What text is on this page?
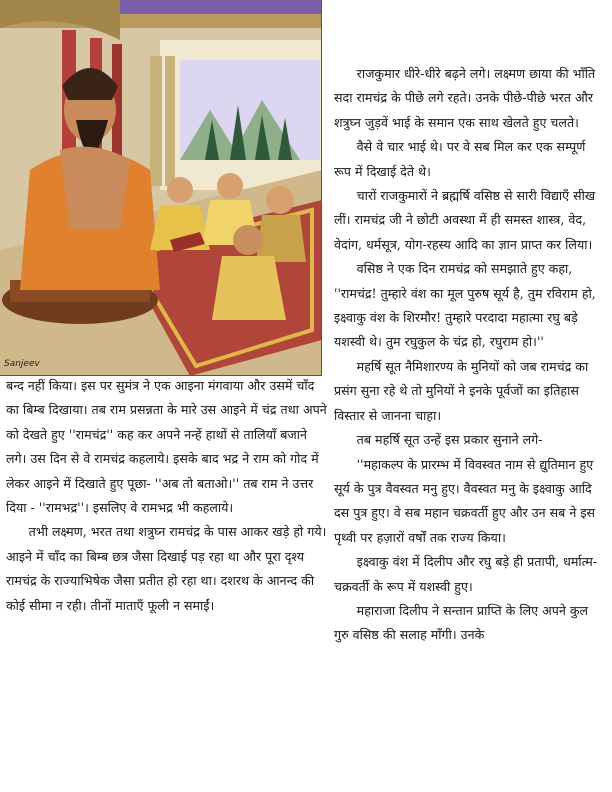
Sanjeev

राजकुमार धीरे-धीरे बढ़ने लगे। लक्ष्मण छाया की भाँति सदा रामचंद्र के पीछे लगे रहते। उनके पीछे-पीछे भरत और शत्रुघ्न जुड़वें भाई के समान एक साथ खेलते हुए चलते।

वैसे वे चार भाई थे। पर वे सब मिल कर एक सम्पूर्ण रूप में दिखाई देते थे।

चारों राजकुमारों ने ब्रह्मर्षि वसिष्ठ से सारी विद्याएँ सीख लीं। रामचंद्र जी ने छोटी अवस्था में ही समस्त शास्त्र, वेद, वेदांग, धर्मसूत्र, योग-रहस्य आदि का ज्ञान प्राप्त कर लिया।

वसिष्ठ ने एक दिन रामचंद्र को समझाते हुए कहा, ''रामचंद्र! तुम्हारे वंश का मूल पुरुष सूर्य है, तुम रविराम हो, इक्ष्वाकु वंश के शिरमौर! तुम्हारे परदादा महात्मा रघु बड़े यशस्वी थे। तुम रघुकुल के चंद्र हो, रघुराम हो।''

महर्षि सूत नैमिशारण्य के मुनियों को जब रामचंद्र का प्रसंग सुना रहे थे तो मुनियों ने इनके पूर्वजों का इतिहास विस्तार से जानना चाहा।

तब महर्षि सूत उन्हें इस प्रकार सुनाने लगे-

''महाकल्प के प्रारम्भ में विवस्वत नाम से द्युतिमान हुए सूर्य के पुत्र वैवस्वत मनु हुए। वैवस्वत मनु के इक्ष्वाकु आदि दस पुत्र हुए। वे सब महान चक्रवर्ती हुए और उन सब ने इस पृथ्वी पर हज़ारों वर्षों तक राज्य किया।

इक्ष्वाकु वंश में दिलीप और रघु बड़े ही प्रतापी, धर्मात्म-चक्रवर्ती के रूप में यशस्वी हुए।

महाराजा दिलीप ने सन्तान प्राप्ति के लिए अपने कुल गुरु वसिष्ठ की सलाह माँगी। उनके

बन्द नहीं किया। इस पर सुमंत्र ने एक आइना मंगवाया और उसमें चाँद का बिम्ब दिखाया। तब राम प्रसन्नता के मारे उस आइने में चंद्र तथा अपने को देखते हुए ''रामचंद्र'' कह कर अपने नन्हें हाथों से तालियाँ बजाने लगे। उस दिन से वे रामचंद्र कहलाये। इसके बाद भद्र ने राम को गोद में लेकर आइने में दिखाते हुए पूछा- ''अब तो बताओ।'' तब राम ने उत्तर दिया - ''रामभद्र''। इसलिए वे रामभद्र भी कहलाये।

तभी लक्ष्मण, भरत तथा शत्रुघ्न रामचंद्र के पास आकर खड़े हो गये। आइने में चाँद का बिम्ब छत्र जैसा दिखाई पड़ रहा था और पूरा दृश्य रामचंद्र के राज्याभिषेक जैसा प्रतीत हो रहा था। दशरथ के आनन्द की कोई सीमा न रही। तीनों माताएँ फूली न समाईं।
